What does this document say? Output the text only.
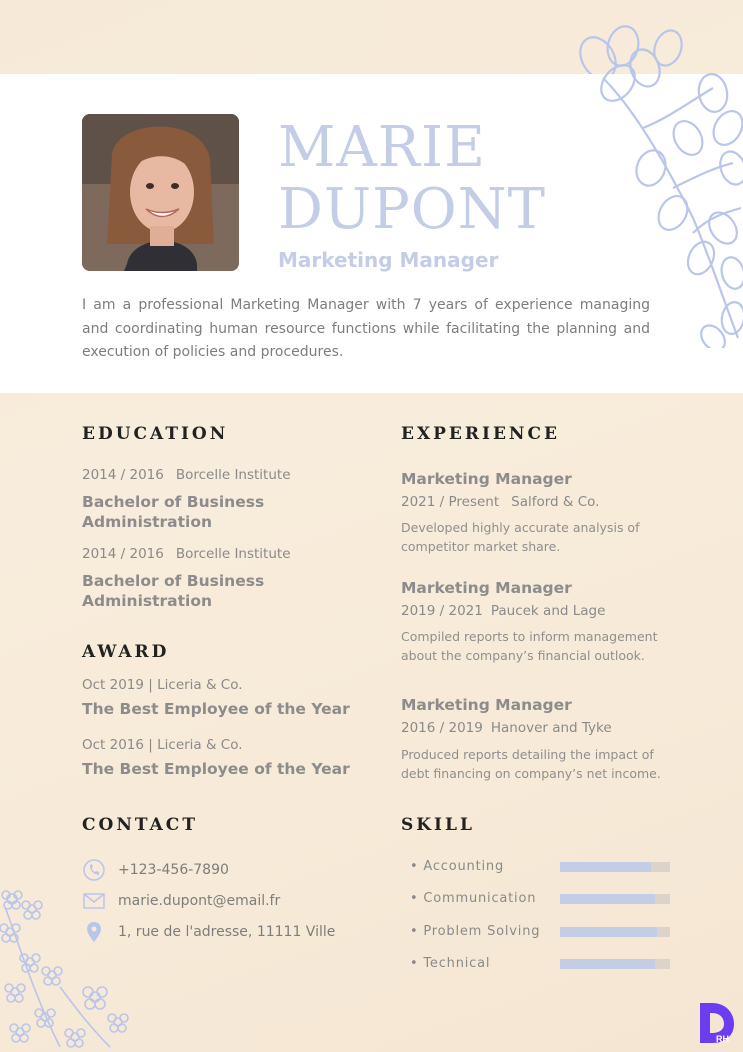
MARIE
DUPONT
Marketing Manager

I am a professional Marketing Manager with 7 years of experience managing and coordinating human resource functions while facilitating the planning and execution of policies and procedures.

EDUCATION
2014 / 2016 Borcelle Institute
Bachelor of Business Administration
2014 / 2016 Borcelle Institute
Bachelor of Business Administration
AWARD
Oct 2019 | Liceria & Co.
The Best Employee of the Year
Oct 2016 | Liceria & Co.
The Best Employee of the Year
EXPERIENCE
Marketing Manager
2021 / Present Salford & Co.
Developed highly accurate analysis of competitor market share.
Marketing Manager
2019 / 2021 Paucek and Lage
Compiled reports to inform management about the company’s financial outlook.
Marketing Manager
2016 / 2019 Hanover and Tyke
Produced reports detailing the impact of debt financing on company’s net income.
CONTACT
+123-456-7890
marie.dupont@email.fr
1, rue de l'adresse, 11111 Ville
SKILL
• Accounting
• Communication
• Problem Solving
• Technical
RH
